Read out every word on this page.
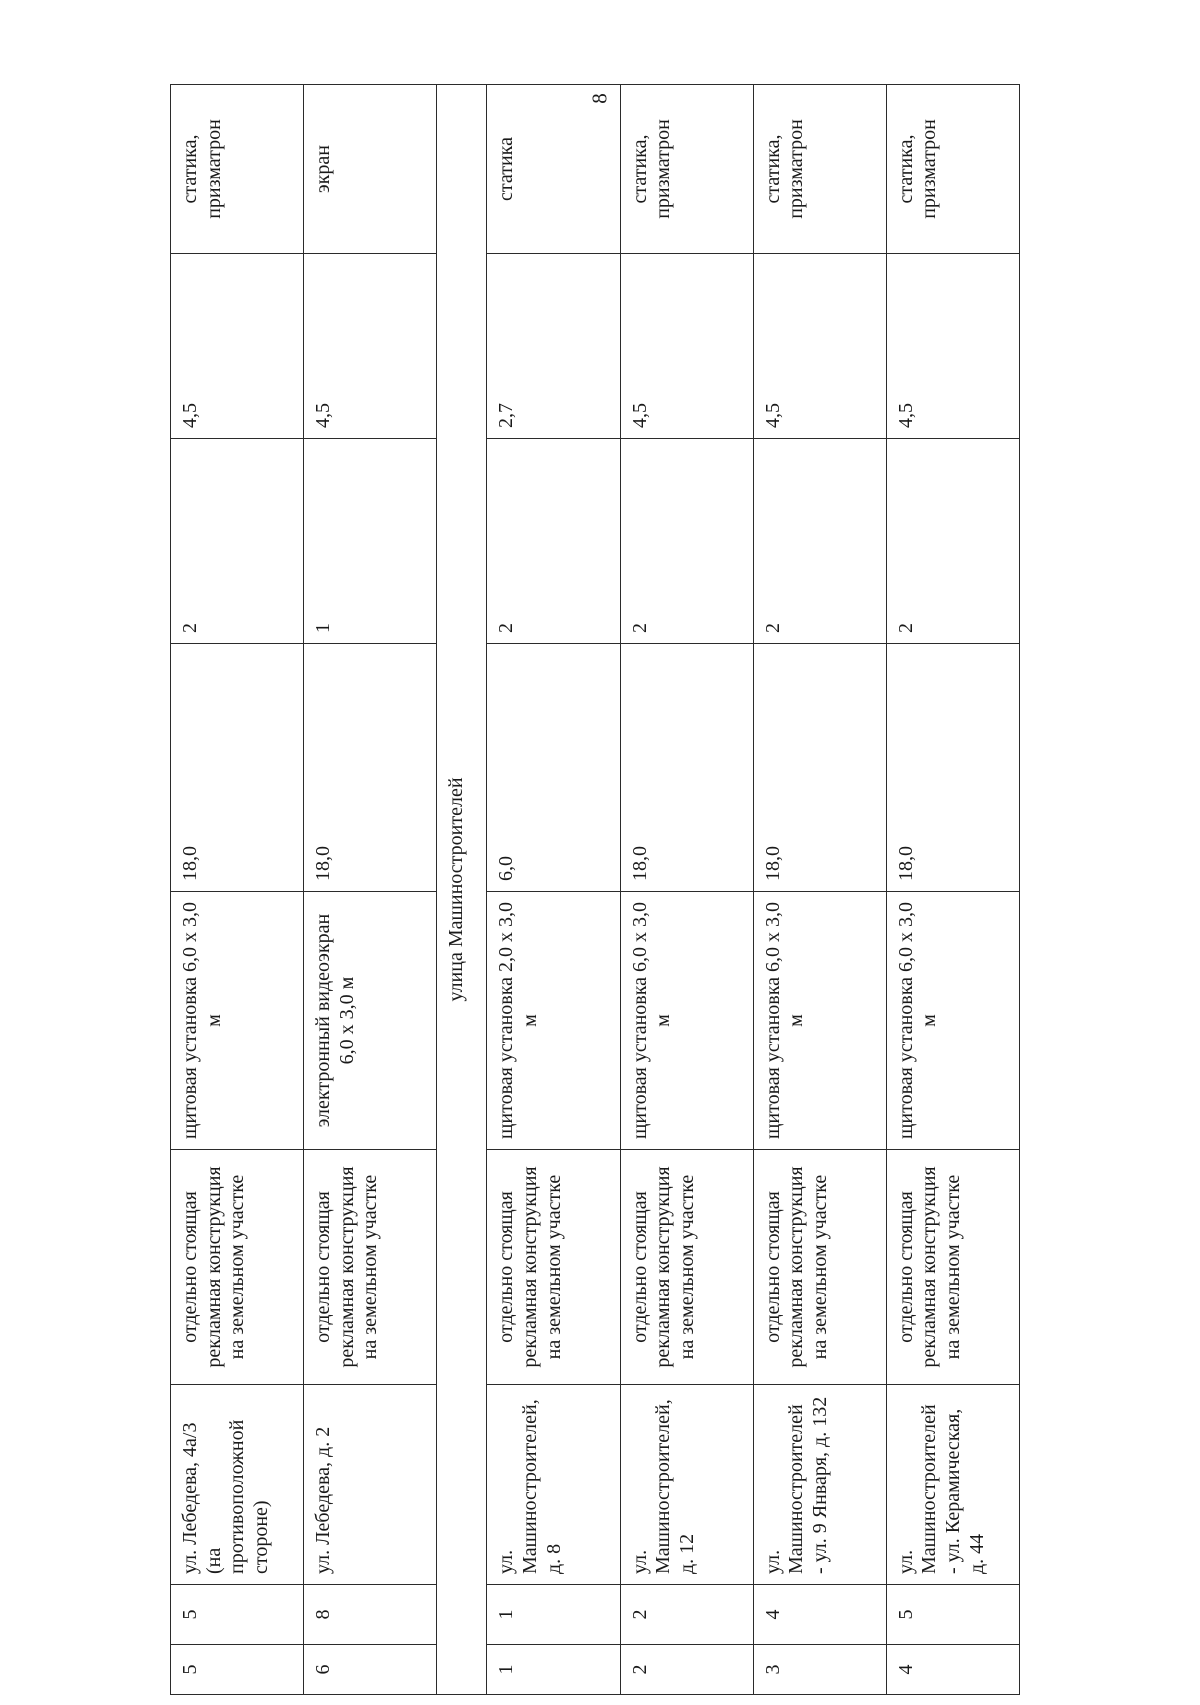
8
5	5	ул. Лебедева, 4а/3 (на противоположной стороне)	отдельно стоящая рекламная конструкция на земельном участке	щитовая установка 6,0 х 3,0 м	18,0	2	4,5	статика, призматрон
6	8	ул. Лебедева, д. 2	отдельно стоящая рекламная конструкция на земельном участке	электронный видеоэкран 6,0 х 3,0 м	18,0	1	4,5	экран
улица Машиностроителей								
1	1	ул. Машиностроителей, д. 8	отдельно стоящая рекламная конструкция на земельном участке	щитовая установка 2,0 х 3,0 м	6,0	2	2,7	статика
2	2	ул. Машиностроителей, д. 12	отдельно стоящая рекламная конструкция на земельном участке	щитовая установка 6,0 х 3,0 м	18,0	2	4,5	статика, призматрон
3	4	ул. Машиностроителей - ул. 9 Января, д. 132	отдельно стоящая рекламная конструкция на земельном участке	щитовая установка 6,0 х 3,0 м	18,0	2	4,5	статика, призматрон
4	5	ул. Машиностроителей - ул. Керамическая, д. 44	отдельно стоящая рекламная конструкция на земельном участке	щитовая установка 6,0 х 3,0 м	18,0	2	4,5	статика, призматрон
